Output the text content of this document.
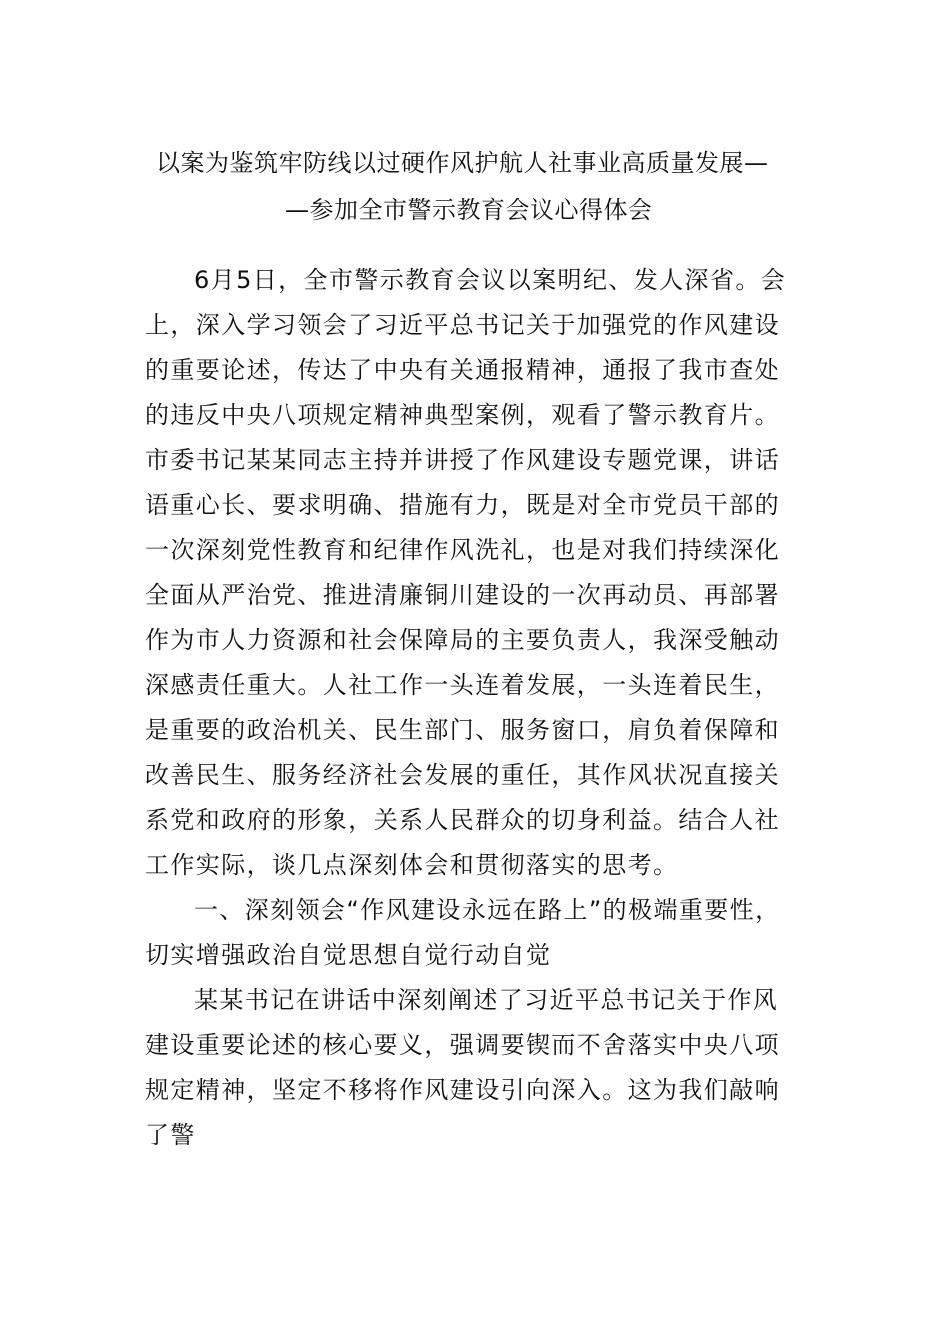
以案为鉴筑牢防线以过硬作风护航人社事业高质量发展—
—参加全市警示教育会议心得体会
6月5日，全市警示教育会议以案明纪、发人深省。会
上，深入学习领会了习近平总书记关于加强党的作风建设
的重要论述，传达了中央有关通报精神，通报了我市查处
的违反中央八项规定精神典型案例，观看了警示教育片。
市委书记某某同志主持并讲授了作风建设专题党课，讲话
语重心长、要求明确、措施有力，既是对全市党员干部的
一次深刻党性教育和纪律作风洗礼，也是对我们持续深化
全面从严治党、推进清廉铜川建设的一次再动员、再部署
作为市人力资源和社会保障局的主要负责人，我深受触动
深感责任重大。人社工作一头连着发展，一头连着民生，
是重要的政治机关、民生部门、服务窗口，肩负着保障和
改善民生、服务经济社会发展的重任，其作风状况直接关
系党和政府的形象，关系人民群众的切身利益。结合人社
工作实际，谈几点深刻体会和贯彻落实的思考。
一、深刻领会“作风建设永远在路上”的极端重要性，
切实增强政治自觉思想自觉行动自觉
某某书记在讲话中深刻阐述了习近平总书记关于作风
建设重要论述的核心要义，强调要锲而不舍落实中央八项
规定精神，坚定不移将作风建设引向深入。这为我们敲响
了警
